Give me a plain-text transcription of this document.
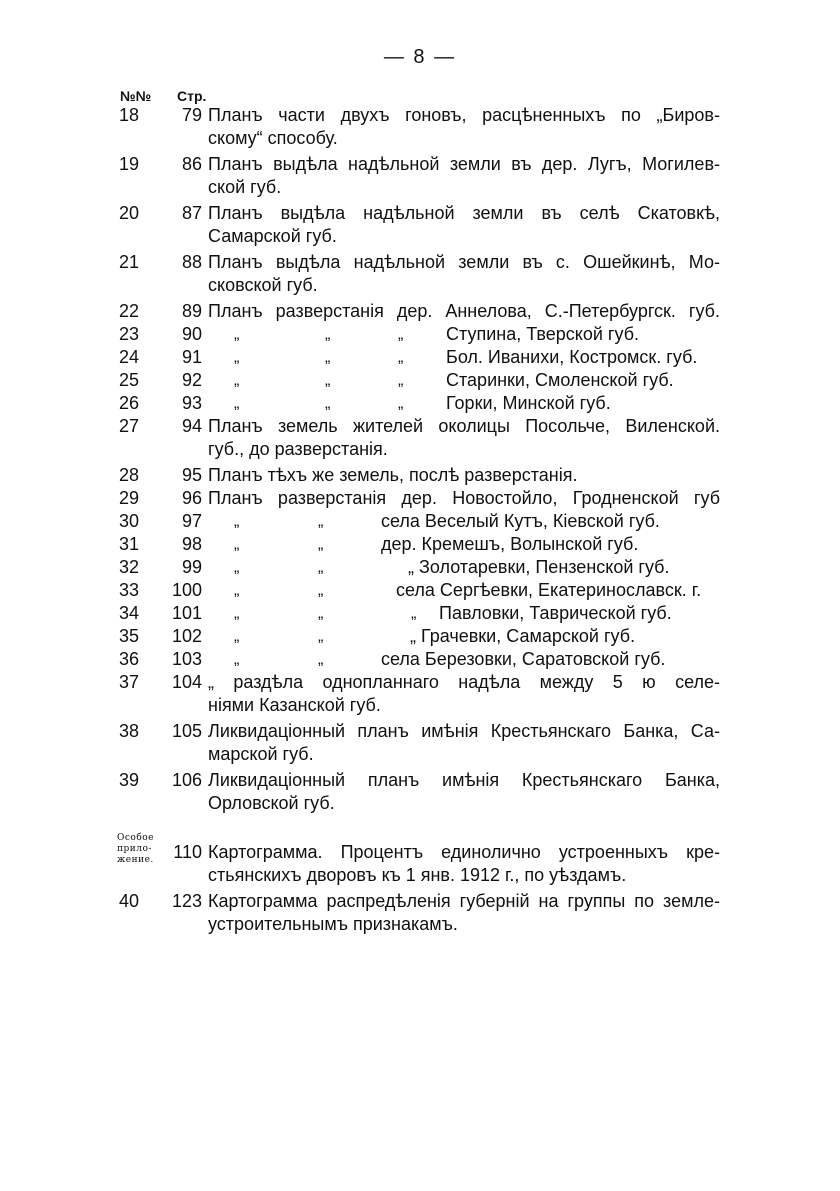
— 8 —
№№ Стр.
18 79 Планъ части двухъ гоновъ, расцѣненныхъ по „Биров-
скому“ способу.
19 86 Планъ выдѣла надѣльной земли въ дер. Лугъ, Могилев-
ской губ.
20 87 Планъ выдѣла надѣльной земли въ селѣ Скатовкѣ,
Самарской губ.
21 88 Планъ выдѣла надѣльной земли въ с. Ошейкинѣ, Мо-
сковской губ.
22 89 Планъ разверстанія дер. Аннелова, С.-Петербургск. губ.
23 90 „	„	„ Ступина, Тверской губ.
24 91 „	„	„ Бол. Иванихи, Костромск. губ.
25 92 „	„	„ Старинки, Смоленской губ.
26 93 „	„	„ Горки, Минской губ.
27 94 Планъ земель жителей околицы Посольче, Виленской.
губ., до разверстанія.
28 95 Планъ тѣхъ же земель, послѣ разверстанія.
29 96 Планъ разверстанія дер. Новостойло, Гродненской губ
30 97 „	„	села Веселый Кутъ, Кіевской губ.
31 98 „	„	дер. Кремешъ, Волынской губ.
32 99 „	„	„ Золотаревки, Пензенской губ.
33 100 „	„	села Сергѣевки, Екатеринославск. г.
34 101 „	„	„ Павловки, Таврической губ.
35 102 „	„	„ Грачевки, Самарской губ.
36 103 „	„	села Березовки, Саратовской губ.
37 104 „ раздѣла однопланнаго надѣла между 5 ю селе-
ніями Казанской губ.
38 105 Ликвидаціонный планъ имѣнія Крестьянскаго Банка, Са-
марской губ.
39 106 Ликвидаціонный планъ имѣнія Крестьянскаго Банка,
Орловской губ.
Особое прило-жение.	110 Картограмма. Процентъ единолично устроенныхъ кре-
стьянскихъ дворовъ къ 1 янв. 1912 г., по уѣздамъ.
40 123 Картограмма распредѣленія губерній на группы по земле-
устроительнымъ признакамъ.
